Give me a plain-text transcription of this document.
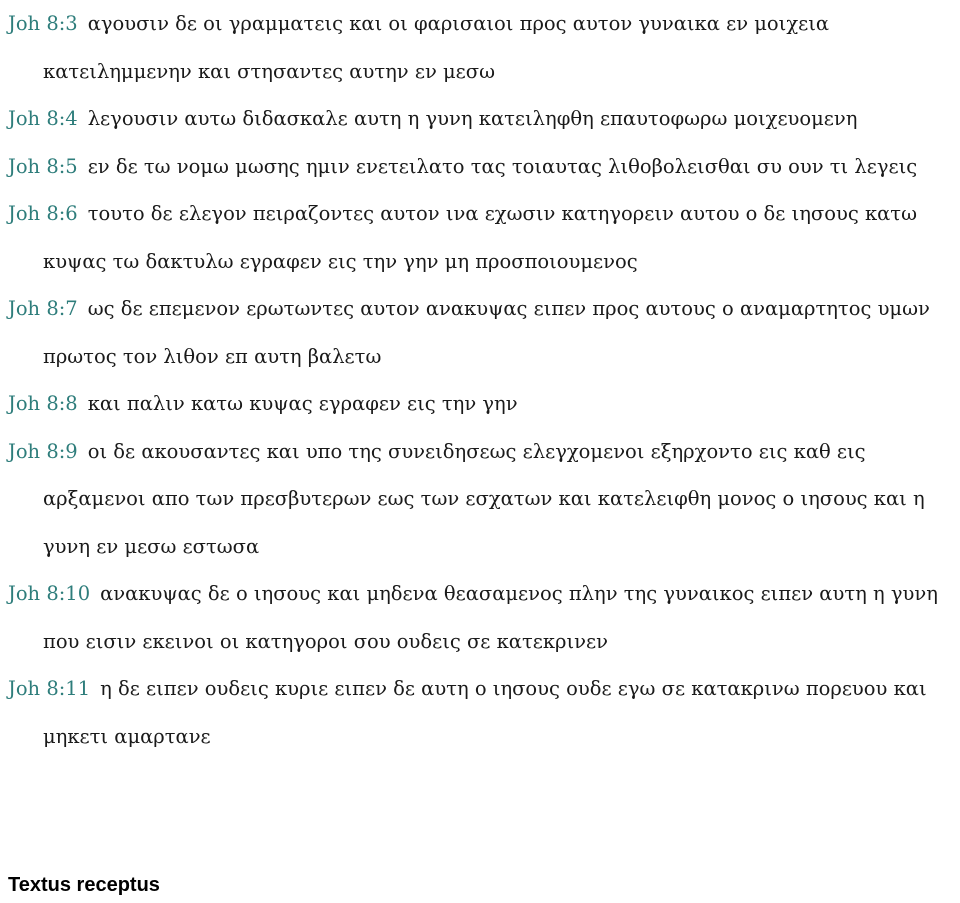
Joh 8:3 αγουσιν δε οι γραμματεις και οι φαρισαιοι προς αυτον γυναικα εν μοιχεια κατειλημμενην και στησαντες αυτην εν μεσω
Joh 8:4 λεγουσιν αυτω διδασκαλε αυτη η γυνη κατειληφθη επαυτοφωρω μοιχευομενη
Joh 8:5 εν δε τω νομω μωσης ημιν ενετειλατο τας τοιαυτας λιθοβολεισθαι συ ουν τι λεγεις
Joh 8:6 τουτο δε ελεγον πειραζοντες αυτον ινα εχωσιν κατηγορειν αυτου ο δε ιησους κατω κυψας τω δακτυλω εγραφεν εις την γην μη προσποιουμενος
Joh 8:7 ως δε επεμενον ερωτωντες αυτον ανακυψας ειπεν προς αυτους ο αναμαρτητος υμων πρωτος τον λιθον επ αυτη βαλετω
Joh 8:8 και παλιν κατω κυψας εγραφεν εις την γην
Joh 8:9 οι δε ακουσαντες και υπο της συνειδησεως ελεγχομενοι εξηρχοντο εις καθ εις αρξαμενοι απο των πρεσβυτερων εως των εσχατων και κατελειφθη μονος ο ιησους και η γυνη εν μεσω εστωσα
Joh 8:10 ανακυψας δε ο ιησους και μηδενα θεασαμενος πλην της γυναικος ειπεν αυτη η γυνη που εισιν εκεινοι οι κατηγοροι σου ουδεις σε κατεκρινεν
Joh 8:11 η δε ειπεν ουδεις κυριε ειπεν δε αυτη ο ιησους ουδε εγω σε κατακρινω πορευου και μηκετι αμαρτανε
Textus receptus
